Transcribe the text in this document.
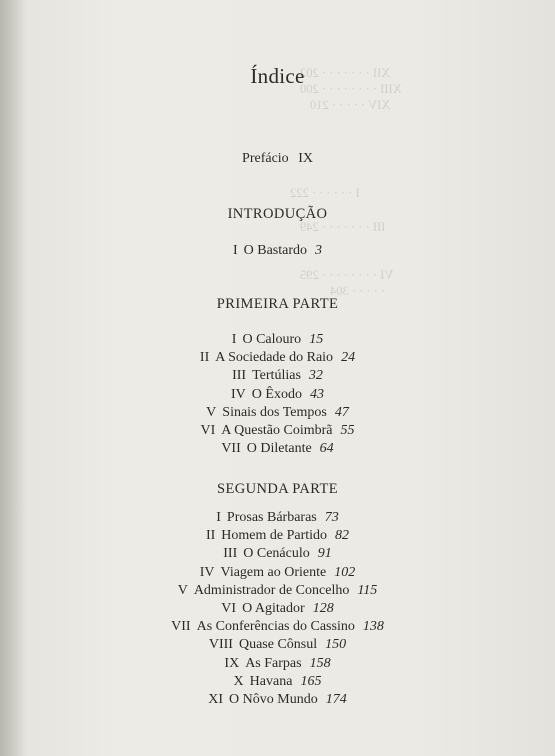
XII · · · · · · · 202
XIII · · · · · · · · 200
XIV · · · · · 210
I · · · · · · 222
III · · · · · · · 249
VI · · · · · · · · 295
· · · · · 304
Índice
Prefácio IX
INTRODUÇÃO
I O Bastardo 3
PRIMEIRA PARTE
I O Calouro 15
II A Sociedade do Raio 24
III Tertúlias 32
IV O Êxodo 43
V Sinais dos Tempos 47
VI A Questão Coimbrã 55
VII O Diletante 64
SEGUNDA PARTE
I Prosas Bárbaras 73
II Homem de Partido 82
III O Cenáculo 91
IV Viagem ao Oriente 102
V Administrador de Concelho 115
VI O Agitador 128
VII As Conferências do Cassino 138
VIII Quase Cônsul 150
IX As Farpas 158
X Havana 165
XI O Nôvo Mundo 174
